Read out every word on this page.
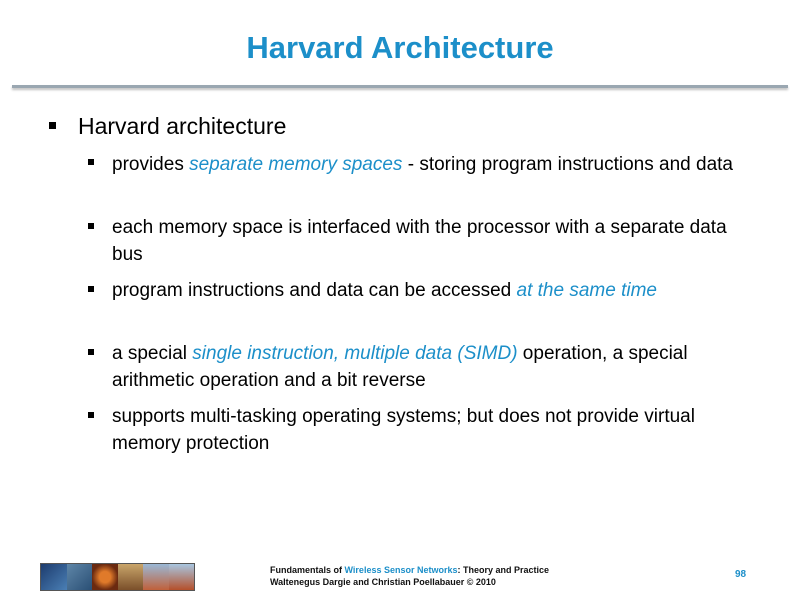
Harvard Architecture
Harvard architecture
provides separate memory spaces - storing program instructions and data
each memory space is interfaced with the processor with a separate data bus
program instructions and data can be accessed at the same time
a special single instruction, multiple data (SIMD) operation, a special arithmetic operation and a bit reverse
supports multi-tasking operating systems; but does not provide virtual memory protection
Fundamentals of Wireless Sensor Networks: Theory and Practice
Waltenegus Dargie and Christian Poellabauer © 2010
98
